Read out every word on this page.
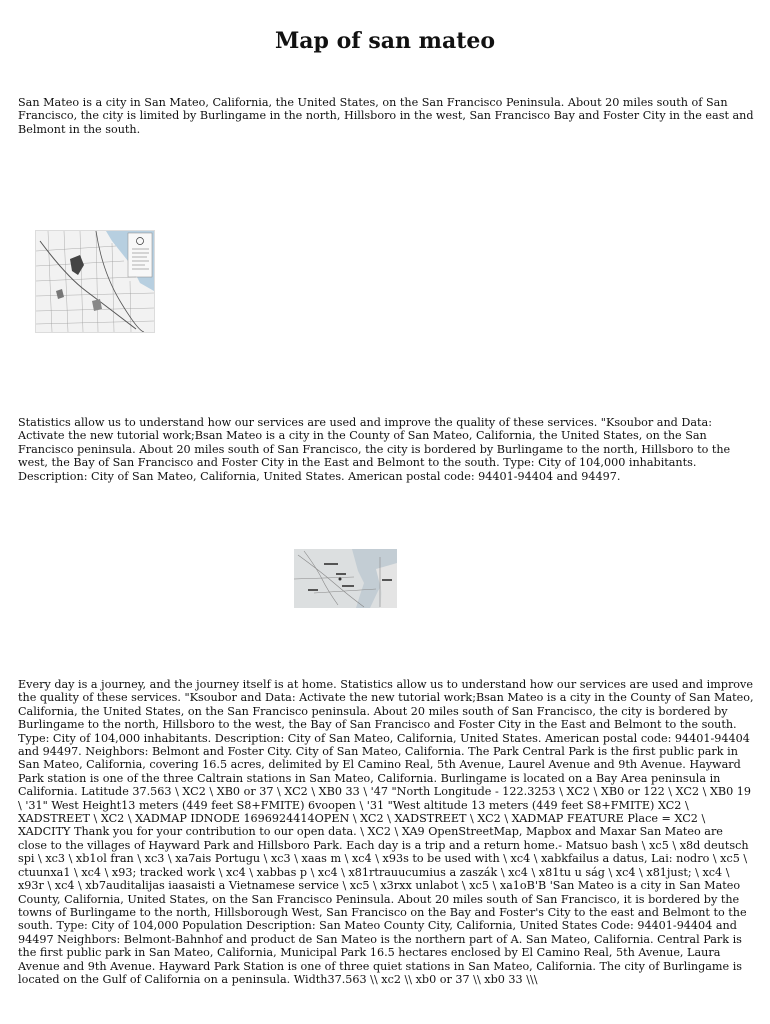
Map of san mateo

San Mateo is a city in San Mateo, California, the United States, on the San Francisco Peninsula. About 20 miles south of San Francisco, the city is limited by Burlingame in the north, Hillsboro in the west, San Francisco Bay and Foster City in the east and Belmont in the south.

Statistics allow us to understand how our services are used and improve the quality of these services. "Ksoubor and Data: Activate the new tutorial work;Bsan Mateo is a city in the County of San Mateo, California, the United States, on the San Francisco peninsula. About 20 miles south of San Francisco, the city is bordered by Burlingame to the north, Hillsboro to the west, the Bay of San Francisco and Foster City in the East and Belmont to the south. Type: City of 104,000 inhabitants. Description: City of San Mateo, California, United States. American postal code: 94401-94404 and 94497.

Every day is a journey, and the journey itself is at home. Statistics allow us to understand how our services are used and improve the quality of these services. "Ksoubor and Data: Activate the new tutorial work;Bsan Mateo is a city in the County of San Mateo, California, the United States, on the San Francisco peninsula. About 20 miles south of San Francisco, the city is bordered by Burlingame to the north, Hillsboro to the west, the Bay of San Francisco and Foster City in the East and Belmont to the south. Type: City of 104,000 inhabitants. Description: City of San Mateo, California, United States. American postal code: 94401-94404 and 94497. Neighbors: Belmont and Foster City. City of San Mateo, California. The Park Central Park is the first public park in San Mateo, California, covering 16.5 acres, delimited by El Camino Real, 5th Avenue, Laurel Avenue and 9th Avenue. Hayward Park station is one of the three Caltrain stations in San Mateo, California. Burlingame is located on a Bay Area peninsula in California. Latitude 37.563 \ XC2 \ XB0 or 37 \ XC2 \ XB0 33 \ '47 "North Longitude - 122.3253 \ XC2 \ XB0 or 122 \ XC2 \ XB0 19 \ '31" West Height13 meters (449 feet S8+FMITE) 6voopen \ '31 "West altitude 13 meters (449 feet S8+FMITE) XC2 \ XADSTREET \ XC2 \ XADMAP IDNODE 1696924414OPEN \ XC2 \ XADSTREET \ XC2 \ XADMAP FEATURE Place = XC2 \ XADCITY Thank you for your contribution to our open data. \ XC2 \ XA9 OpenStreetMap, Mapbox and Maxar San Mateo are close to the villages of Hayward Park and Hillsboro Park. Each day is a trip and a return home.- Matsuo bash \ xc5 \ x8d deutsch spi \ xc3 \ xb1ol fran \ xc3 \ xa7ais Portugu \ xc3 \ xaas m \ xc4 \ x93s to be used with \ xc4 \ xabkfailus a datus, Lai: nodro \ xc5 \ ctuunxa1 \ xc4 \ x93; tracked work \ xc4 \ xabbas p \ xc4 \ x81rtrauucumius a zaszák \ xc4 \ x81tu u ság \ xc4 \ x81just; \ xc4 \ x93r \ xc4 \ xb7auditalijas iaasaisti a Vietnamese service \ xc5 \ x3rxx unlabot \ xc5 \ xa1oB'B 'San Mateo is a city in San Mateo County, California, United States, on the San Francisco Peninsula. About 20 miles south of San Francisco, it is bordered by the towns of Burlingame to the north, Hillsborough West, San Francisco on the Bay and Foster's City to the east and Belmont to the south. Type: City of 104,000 Population Description: San Mateo County City, California, United States Code: 94401-94404 and 94497 Neighbors: Belmont-Bahnhof and product de San Mateo is the northern part of A. San Mateo, California. Central Park is the first public park in San Mateo, California, Municipal Park 16.5 hectares enclosed by El Camino Real, 5th Avenue, Laura Avenue and 9th Avenue. Hayward Park Station is one of three quiet stations in San Mateo, California. The city of Burlingame is located on the Gulf of California on a peninsula. Width37.563 \\ xc2 \\ xb0 or 37 \\ xb0 33 \\\
